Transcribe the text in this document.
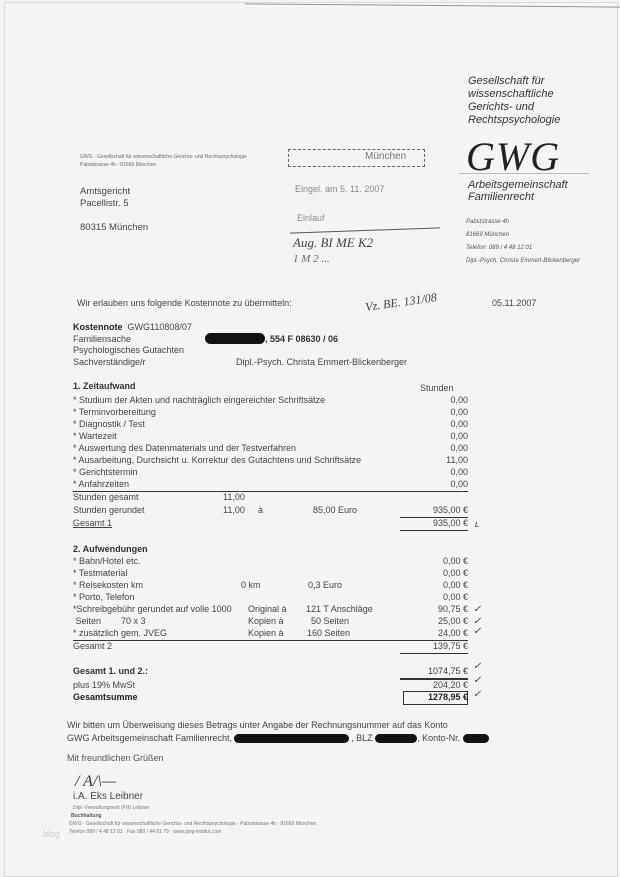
Gesellschaft für
wissenschaftliche
Gerichts- und
Rechtspsychologie
GWG
Arbeitsgemeinschaft
Familienrecht
Pabststrasse 4h
81669 München
Telefon: 089 / 4 48 12 01
Dipl.-Psych. Christa Emmert-Blickenberger
GWG · Gesellschaft für wissenschaftliche Gerichts- und Rechtspsychologie
Pabststrasse 4h · 81669 München
Amtsgericht
Pacellistr. 5
80315 München
München
Eingel. am 5. 11. 2007
Einlauf
Aug. BI ME K2
1 M 2 ...
Vz. BE. 131/08
Wir erlauben uns folgende Kostennote zu übermitteln:	05.11.2007
Kostennote GWG110808/07
Familiensache
Psychologisches Gutachten
Sachverständige/r
, 554 F 08630 / 06
Dipl.-Psych. Christa Emmert-Blickenberger
1. Zeitaufwand	Stunden
* Studium der Akten und nachträglich eingereichter Schriftsätze	0,00
* Terminvorbereitung	0,00
* Diagnostik / Test	0,00
* Wartezeit	0,00
* Auswertung des Datenmaterials und der Testverfahren	0,00
* Ausarbeitung, Durchsicht u. Korrektur des Gutachtens und Schriftsätze	11,00
* Gerichtstermin	0,00
* Anfahrzeiten	0,00
Stunden gesamt	11,00
Stunden gerundet	11,00 à	85,00 Euro	935,00 €
Gesamt 1	935,00 € ʟ
2. Aufwendungen
* Bahn/Hotel etc.	0,00 €
* Testmaterial	0,00 €
* Reisekosten km	0 km	0,3 Euro	0,00 €
* Porto, Telefon	0,00 €
*Schreibgebühr gerundet auf volle 1000 Original à 121 T Anschläge	90,75 € ✓
Seiten        70 x 3	Kopien à	50 Seiten	25,00 € ✓
* zusätzlich gem. JVEG	Kopien à	160 Seiten	24,00 € ✓
Gesamt 2	139,75 €
Gesamt 1. und 2.:	1074,75 € ✓
plus 19% MwSt	204,20 € ✓
Gesamtsumme	1278,95 € ✓
Wir bitten um Überweisung dieses Betrags unter Angabe der Rechnungsnummer auf das Konto
GWG Arbeitsgemeinschaft Familienrecht,	, BLZ	, Konto-Nr.
Mit freundlichen Grüßen
/ A/\—
i.A. Eks Leibner
Dipl.-Verwaltungswirt (FH) Leibner
Buchhaltung
GWG · Gesellschaft für wissenschaftliche Gerichts- und Rechtspsychologie · Pabststrasse 4h · 81669 München
Telefon 089 / 4 48 12 01 · Fax 089 / 44 81 79 · www.gwg-institut.com
blog
